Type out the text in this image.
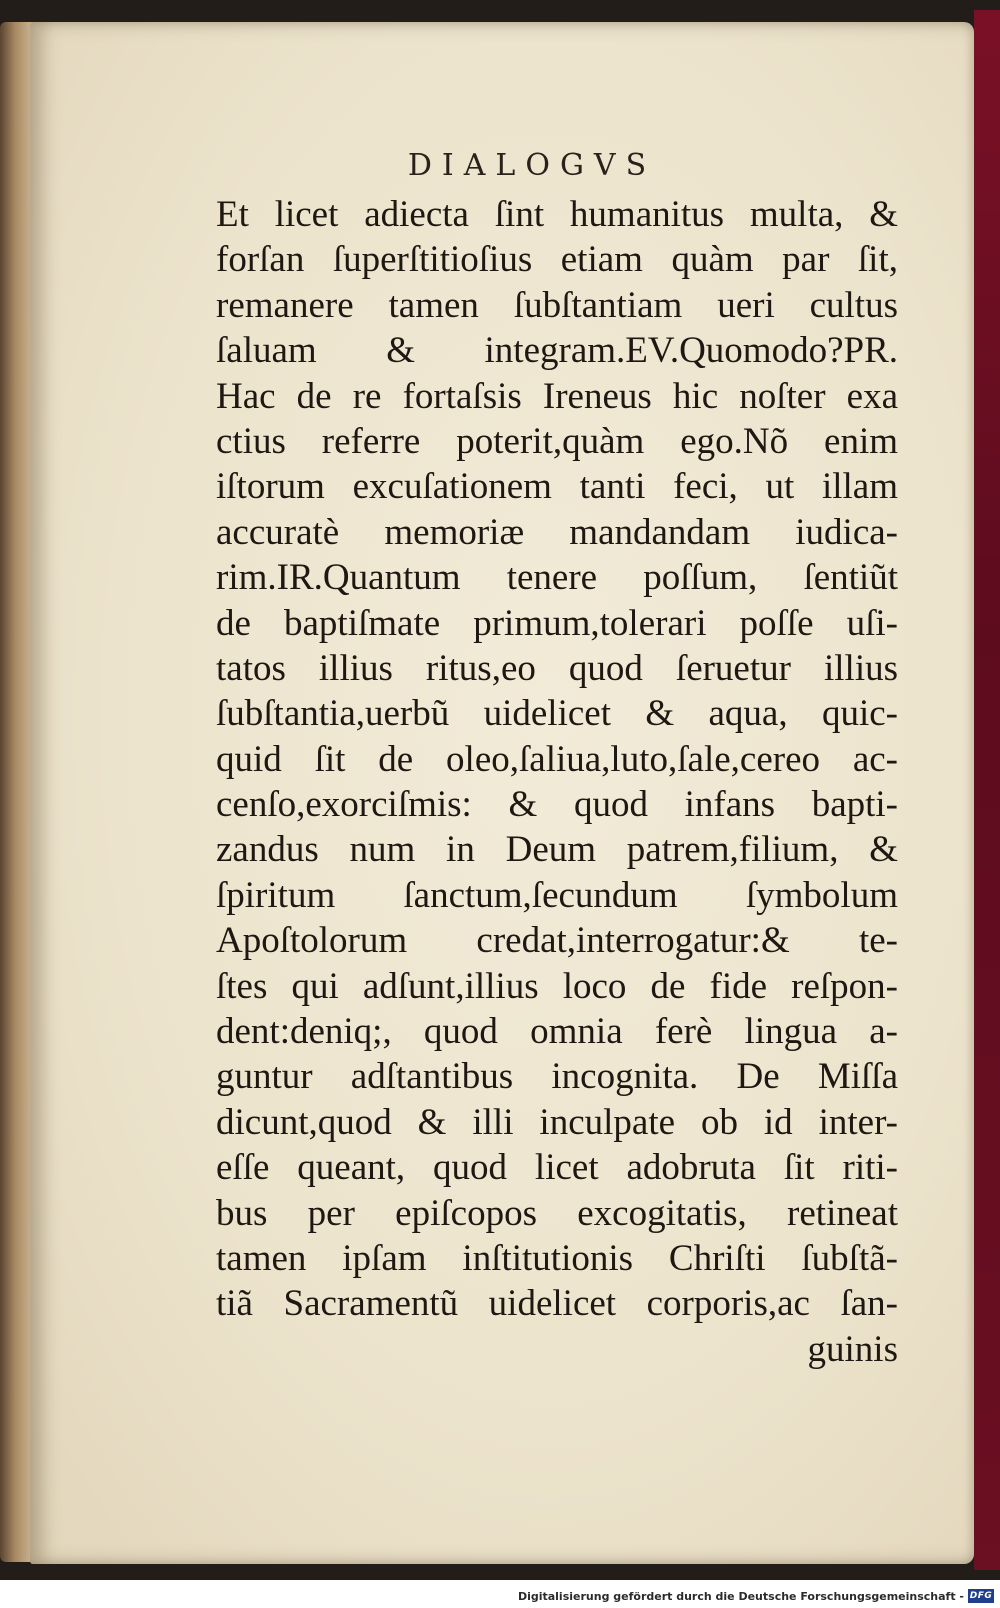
DIALOGVS
Et licet adiecta ſint humanitus multa, &
forſan ſuperſtitioſius etiam quàm par ſit,
remanere tamen ſubſtantiam ueri cultus
ſaluam & integram.EV.Quomodo?PR.
Hac de re fortaſsis Ireneus hic noſter exa
ctius referre poterit,quàm ego.Nõ enim
iſtorum excuſationem tanti feci, ut illam
accuratè memoriæ mandandam iudica-
rim.IR.Quantum tenere poſſum, ſentiũt
de baptiſmate primum,tolerari poſſe uſi-
tatos illius ritus,eo quod ſeruetur illius
ſubſtantia,uerbũ uidelicet & aqua, quic-
quid ſit de oleo,ſaliua,luto,ſale,cereo ac-
cenſo,exorciſmis: & quod infans bapti-
zandus num in Deum patrem,filium, &
ſpiritum ſanctum,ſecundum ſymbolum
Apoſtolorum credat,interrogatur:& te-
ſtes qui adſunt,illius loco de fide reſpon-
dent:deniq;, quod omnia ferè lingua a-
guntur adſtantibus incognita. De Miſſa
dicunt,quod & illi inculpate ob id inter-
eſſe queant, quod licet adobruta ſit riti-
bus per epiſcopos excogitatis, retineat
tamen ipſam inſtitutionis Chriſti ſubſtã-
tiã Sacramentũ uidelicet corporis,ac ſan-
guinis
Digitalisierung gefördert durch die Deutsche Forschungsgemeinschaft - DFG
